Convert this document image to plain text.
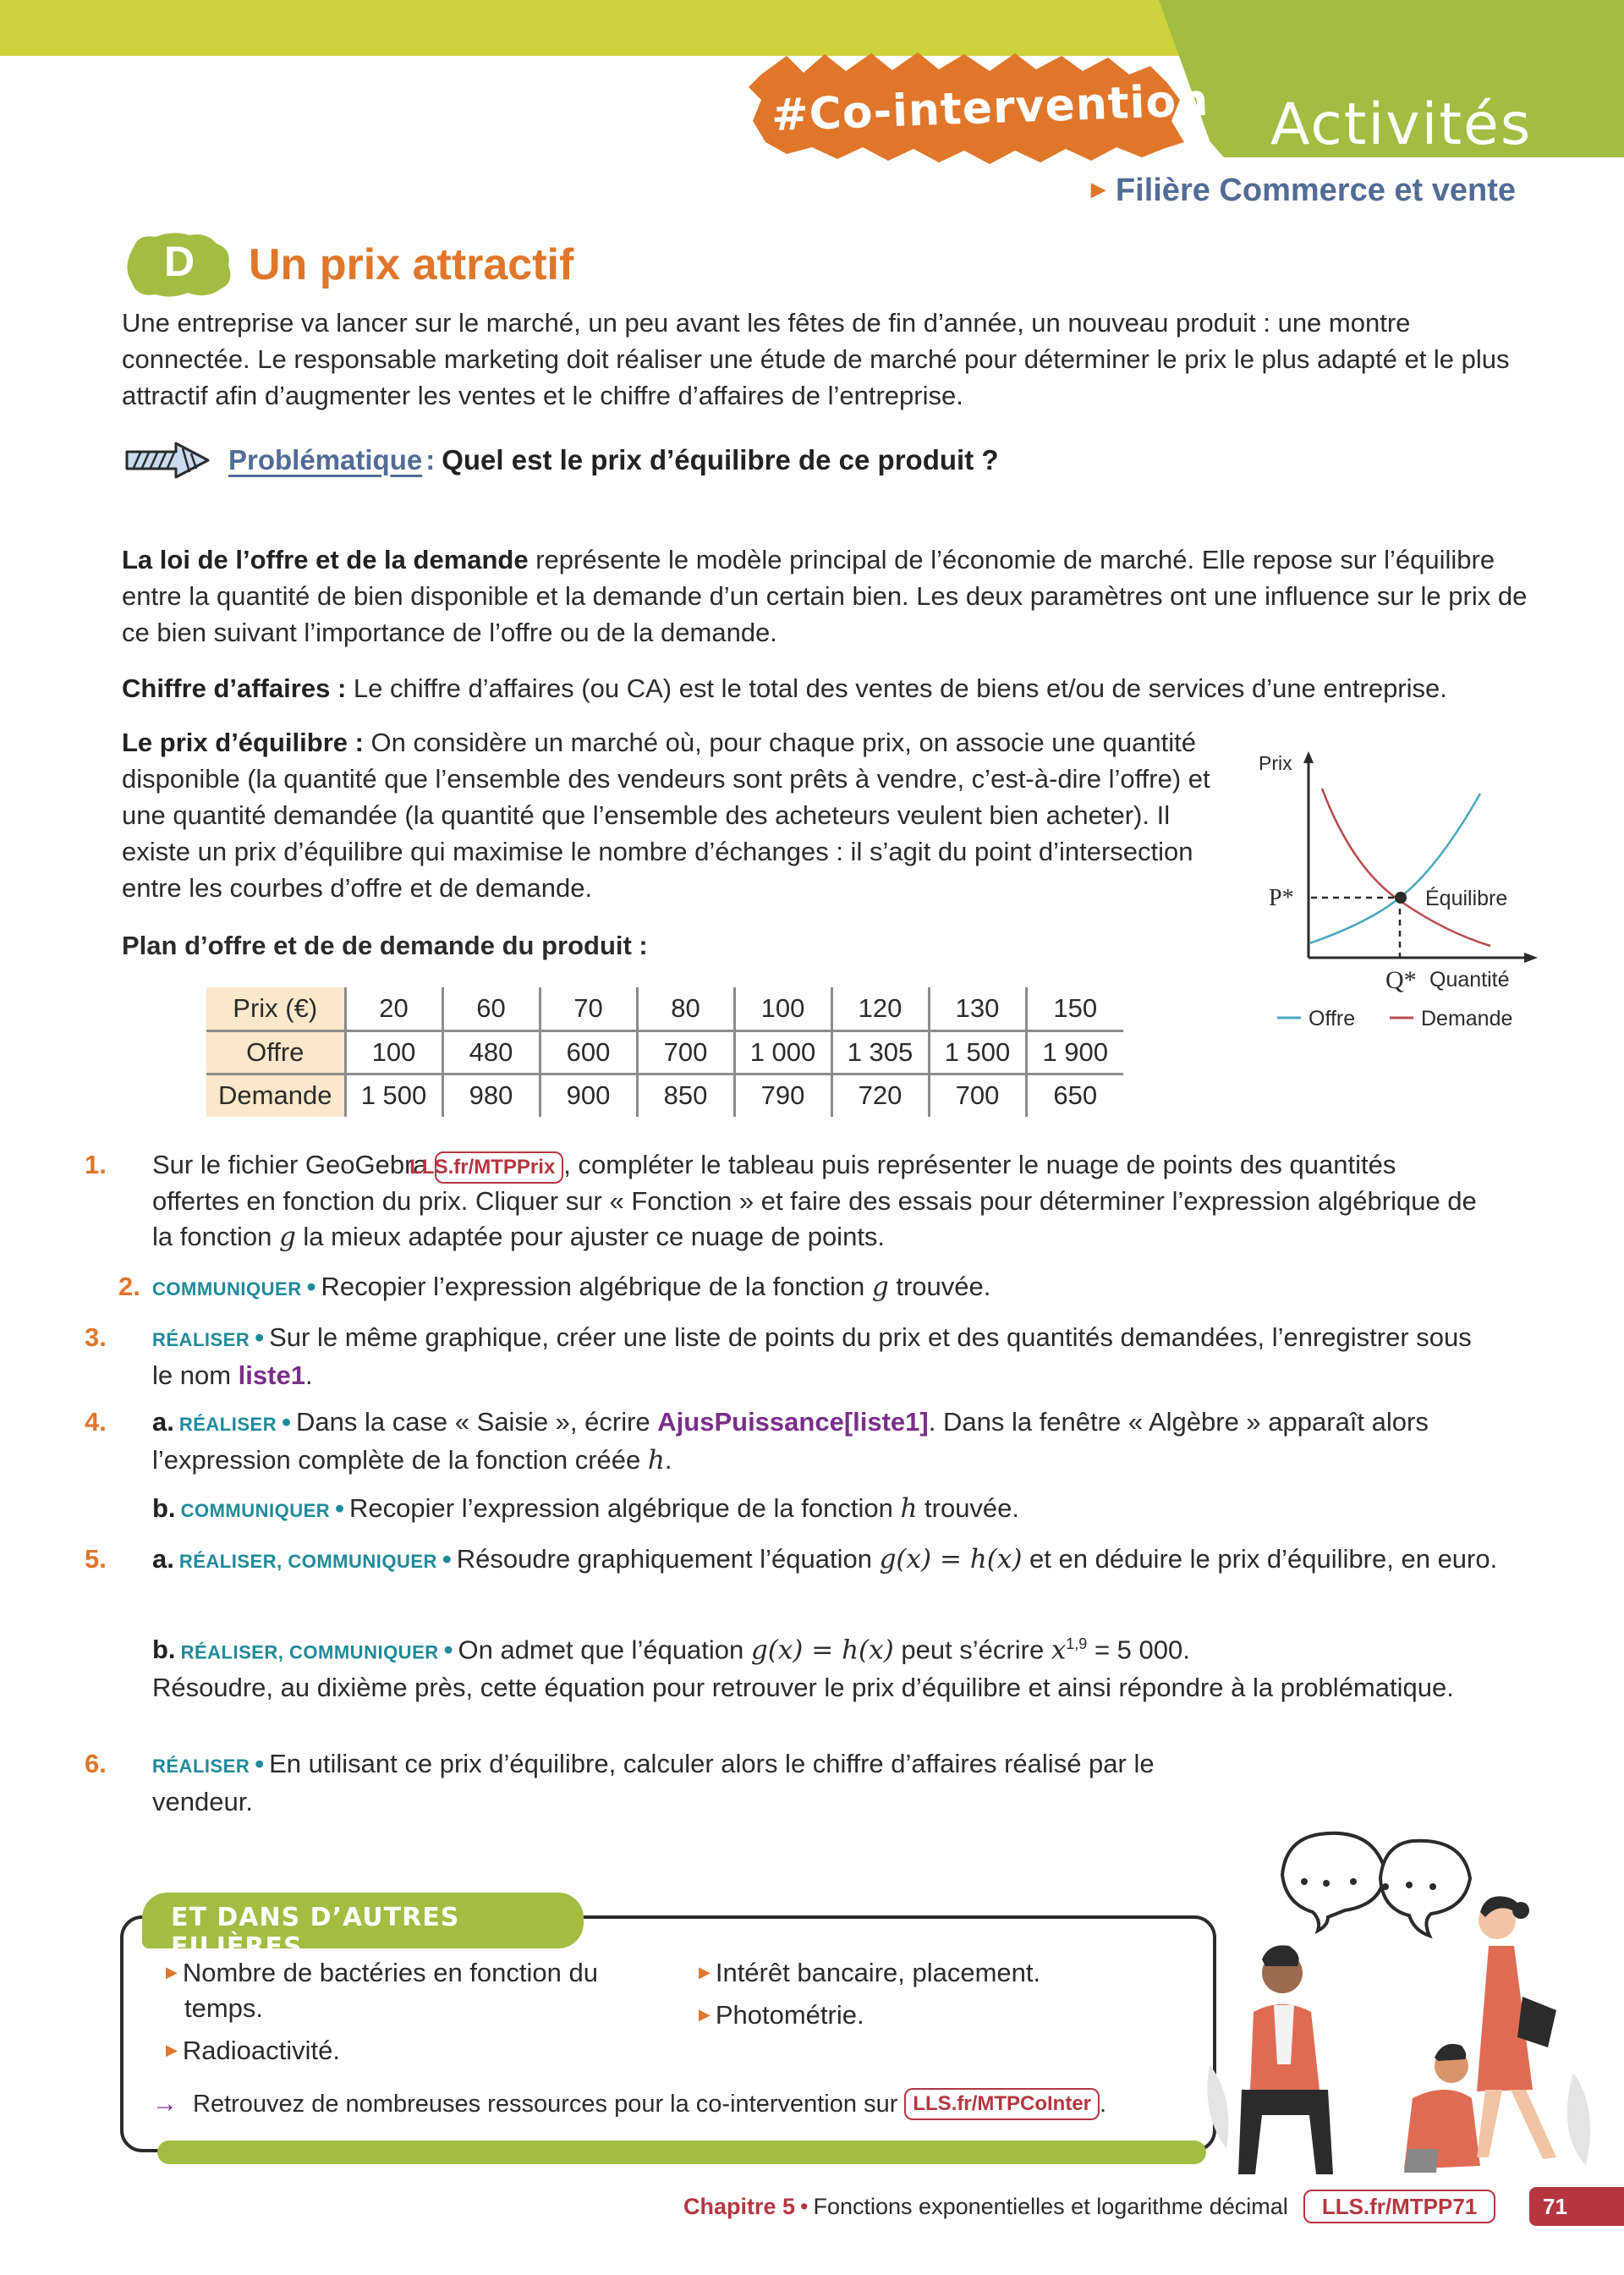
#Co-intervention Activités
▶ Filière Commerce et vente
D Un prix attractif
Une entreprise va lancer sur le marché, un peu avant les fêtes de fin d’année, un nouveau produit : une montre connectée. Le responsable marketing doit réaliser une étude de marché pour déterminer le prix le plus adapté et le plus attractif afin d’augmenter les ventes et le chiffre d’affaires de l’entreprise.
Problématique : Quel est le prix d’équilibre de ce produit ?
La loi de l’offre et de la demande représente le modèle principal de l’économie de marché. Elle repose sur l’équilibre entre la quantité de bien disponible et la demande d’un certain bien. Les deux paramètres ont une influence sur le prix de ce bien suivant l’importance de l’offre ou de la demande.
Chiffre d’affaires : Le chiffre d’affaires (ou CA) est le total des ventes de biens et/ou de services d’une entreprise.
Le prix d’équilibre : On considère un marché où, pour chaque prix, on associe une quantité disponible (la quantité que l’ensemble des vendeurs sont prêts à vendre, c’est-à-dire l’offre) et une quantité demandée (la quantité que l’ensemble des acheteurs veulent bien acheter). Il existe un prix d’équilibre qui maximise le nombre d’échanges : il s’agit du point d’intersection entre les courbes d’offre et de demande.
Plan d’offre et de de demande du produit :
Prix (€)	20	60	70	80	100	120	130	150
Offre	100	480	600	700	1 000	1 305	1 500	1 900
Demande	1 500	980	900	850	790	720	700	650
Prix
P*	Équilibre
Q* Quantité
Offre	Demande
1. Sur le fichier GeoGebra LLS.fr/MTPPrix , compléter le tableau puis représenter le nuage de points des quantités offertes en fonction du prix. Cliquer sur « Fonction » et faire des essais pour déterminer l’expression algébrique de la fonction g la mieux adaptée pour ajuster ce nuage de points.
2. COMMUNIQUER • Recopier l’expression algébrique de la fonction g trouvée.
3. RÉALISER • Sur le même graphique, créer une liste de points du prix et des quantités demandées, l’enregistrer sous le nom liste1.
4. a. RÉALISER • Dans la case « Saisie », écrire AjusPuissance[liste1]. Dans la fenêtre « Algèbre » apparaît alors l’expression complète de la fonction créée h.
b. COMMUNIQUER • Recopier l’expression algébrique de la fonction h trouvée.
5. a. RÉALISER, COMMUNIQUER • Résoudre graphiquement l’équation g(x) = h(x) et en déduire le prix d’équilibre, en euro.
b. RÉALISER, COMMUNIQUER • On admet que l’équation g(x) = h(x) peut s’écrire $x^{1,9} = 5$ 000.
Résoudre, au dixième près, cette équation pour retrouver le prix d’équilibre et ainsi répondre à la problématique.
6. RÉALISER • En utilisant ce prix d’équilibre, calculer alors le chiffre d’affaires réalisé par le vendeur.
ET DANS D’AUTRES FILIÈRES...
▶ Nombre de bactéries en fonction du temps.
▶ Radioactivité.
▶ Intérêt bancaire, placement.
▶ Photométrie.
→ Retrouvez de nombreuses ressources pour la co-intervention sur LLS.fr/MTPCoInter .
Chapitre 5 • Fonctions exponentielles et logarithme décimal	LLS.fr/MTPP71	71
